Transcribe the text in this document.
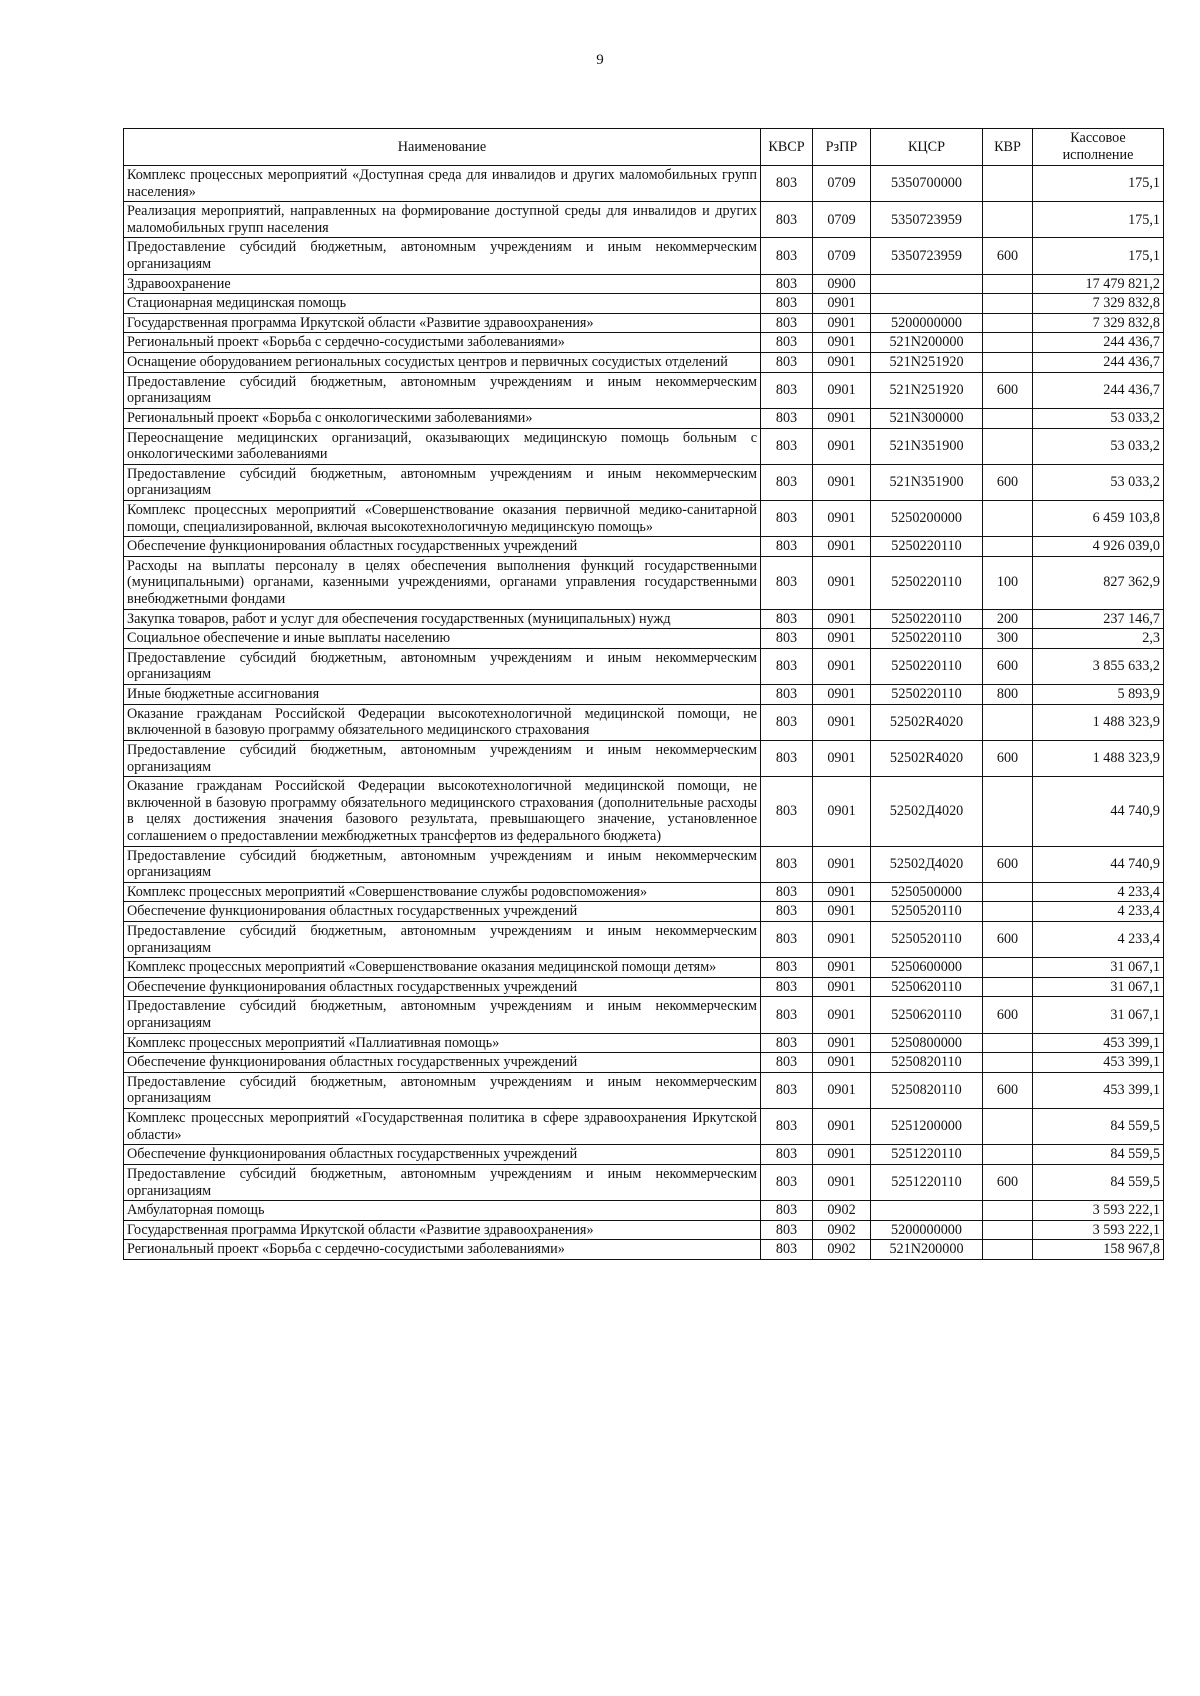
9
Наименование	КВСР	РзПР	КЦСР	КВР	Кассовое исполнение
Комплекс процессных мероприятий «Доступная среда для инвалидов и других маломобильных групп населения»	803	0709	5350700000		175,1
Реализация мероприятий, направленных на формирование доступной среды для инвалидов и других маломобильных групп населения	803	0709	5350723959		175,1
Предоставление субсидий бюджетным, автономным учреждениям и иным некоммерческим организациям	803	0709	5350723959	600	175,1
Здравоохранение	803	0900			17 479 821,2
Стационарная медицинская помощь	803	0901			7 329 832,8
Государственная программа Иркутской области «Развитие здравоохранения»	803	0901	5200000000		7 329 832,8
Региональный проект «Борьба с сердечно-сосудистыми заболеваниями»	803	0901	521N200000		244 436,7
Оснащение оборудованием региональных сосудистых центров и первичных сосудистых отделений	803	0901	521N251920		244 436,7
Предоставление субсидий бюджетным, автономным учреждениям и иным некоммерческим организациям	803	0901	521N251920	600	244 436,7
Региональный проект «Борьба с онкологическими заболеваниями»	803	0901	521N300000		53 033,2
Переоснащение медицинских организаций, оказывающих медицинскую помощь больным с онкологическими заболеваниями	803	0901	521N351900		53 033,2
Предоставление субсидий бюджетным, автономным учреждениям и иным некоммерческим организациям	803	0901	521N351900	600	53 033,2
Комплекс процессных мероприятий «Совершенствование оказания первичной медико-санитарной помощи, специализированной, включая высокотехнологичную медицинскую помощь»	803	0901	5250200000		6 459 103,8
Обеспечение функционирования областных государственных учреждений	803	0901	5250220110		4 926 039,0
Расходы на выплаты персоналу в целях обеспечения выполнения функций государственными (муниципальными) органами, казенными учреждениями, органами управления государственными внебюджетными фондами	803	0901	5250220110	100	827 362,9
Закупка товаров, работ и услуг для обеспечения государственных (муниципальных) нужд	803	0901	5250220110	200	237 146,7
Социальное обеспечение и иные выплаты населению	803	0901	5250220110	300	2,3
Предоставление субсидий бюджетным, автономным учреждениям и иным некоммерческим организациям	803	0901	5250220110	600	3 855 633,2
Иные бюджетные ассигнования	803	0901	5250220110	800	5 893,9
Оказание гражданам Российской Федерации высокотехнологичной медицинской помощи, не включенной в базовую программу обязательного медицинского страхования	803	0901	52502R4020		1 488 323,9
Предоставление субсидий бюджетным, автономным учреждениям и иным некоммерческим организациям	803	0901	52502R4020	600	1 488 323,9
Оказание гражданам Российской Федерации высокотехнологичной медицинской помощи, не включенной в базовую программу обязательного медицинского страхования (дополнительные расходы в целях достижения значения базового результата, превышающего значение, установленное соглашением о предоставлении межбюджетных трансфертов из федерального бюджета)	803	0901	52502Д4020		44 740,9
Предоставление субсидий бюджетным, автономным учреждениям и иным некоммерческим организациям	803	0901	52502Д4020	600	44 740,9
Комплекс процессных мероприятий «Совершенствование службы родовспоможения»	803	0901	5250500000		4 233,4
Обеспечение функционирования областных государственных учреждений	803	0901	5250520110		4 233,4
Предоставление субсидий бюджетным, автономным учреждениям и иным некоммерческим организациям	803	0901	5250520110	600	4 233,4
Комплекс процессных мероприятий «Совершенствование оказания медицинской помощи детям»	803	0901	5250600000		31 067,1
Обеспечение функционирования областных государственных учреждений	803	0901	5250620110		31 067,1
Предоставление субсидий бюджетным, автономным учреждениям и иным некоммерческим организациям	803	0901	5250620110	600	31 067,1
Комплекс процессных мероприятий «Паллиативная помощь»	803	0901	5250800000		453 399,1
Обеспечение функционирования областных государственных учреждений	803	0901	5250820110		453 399,1
Предоставление субсидий бюджетным, автономным учреждениям и иным некоммерческим организациям	803	0901	5250820110	600	453 399,1
Комплекс процессных мероприятий «Государственная политика в сфере здравоохранения Иркутской области»	803	0901	5251200000		84 559,5
Обеспечение функционирования областных государственных учреждений	803	0901	5251220110		84 559,5
Предоставление субсидий бюджетным, автономным учреждениям и иным некоммерческим организациям	803	0901	5251220110	600	84 559,5
Амбулаторная помощь	803	0902			3 593 222,1
Государственная программа Иркутской области «Развитие здравоохранения»	803	0902	5200000000		3 593 222,1
Региональный проект «Борьба с сердечно-сосудистыми заболеваниями»	803	0902	521N200000		158 967,8
